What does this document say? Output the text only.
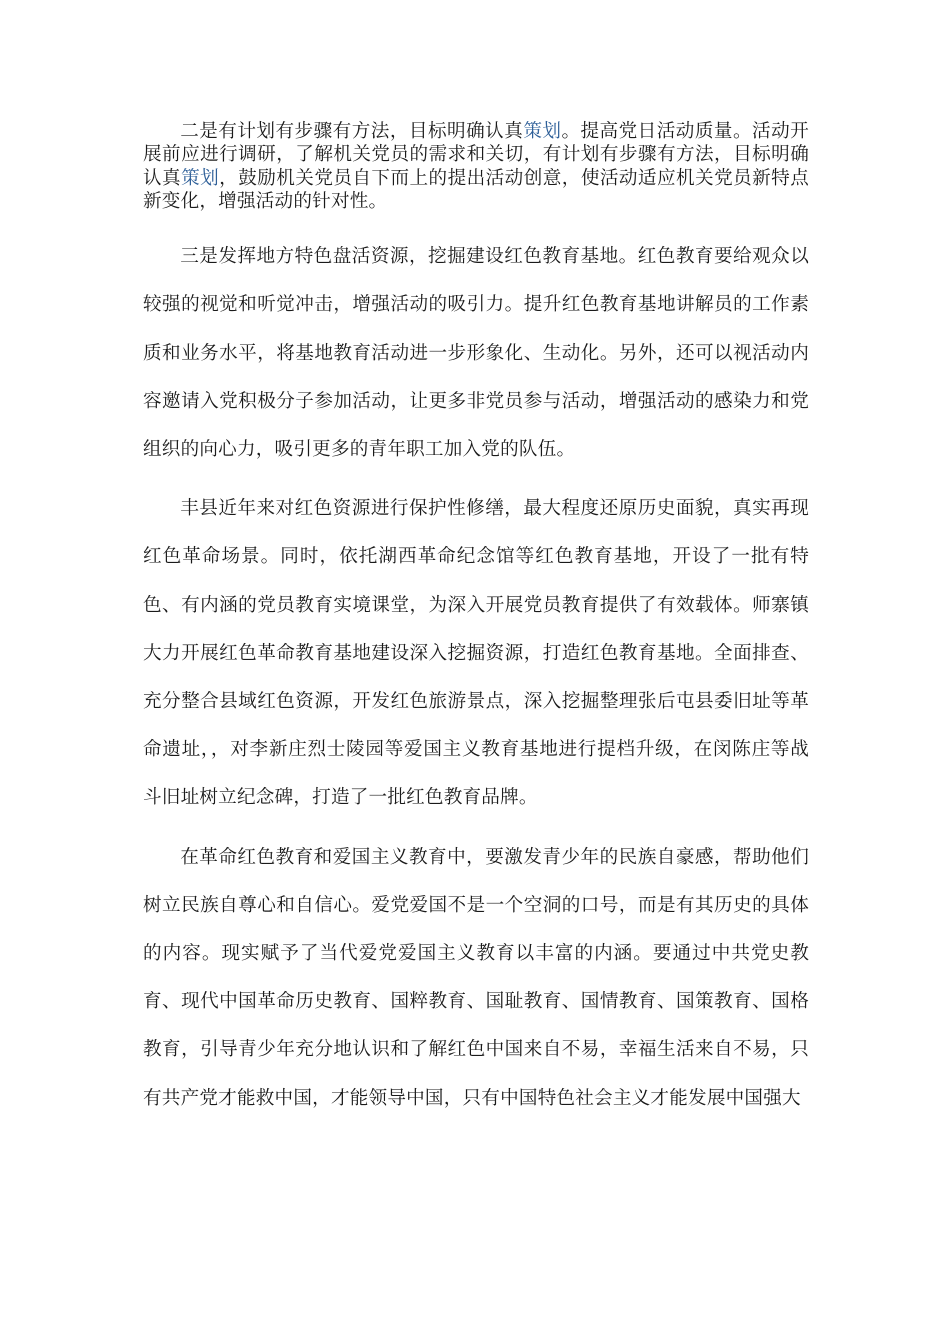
二是有计划有步骤有方法，目标明确认真策划。提高党日活动质量。活动开展前应进行调研，了解机关党员的需求和关切，有计划有步骤有方法，目标明确认真策划，鼓励机关党员自下而上的提出活动创意，使活动适应机关党员新特点新变化，增强活动的针对性。

三是发挥地方特色盘活资源，挖掘建设红色教育基地。红色教育要给观众以较强的视觉和听觉冲击，增强活动的吸引力。提升红色教育基地讲解员的工作素质和业务水平，将基地教育活动进一步形象化、生动化。另外，还可以视活动内容邀请入党积极分子参加活动，让更多非党员参与活动，增强活动的感染力和党组织的向心力，吸引更多的青年职工加入党的队伍。

丰县近年来对红色资源进行保护性修缮，最大程度还原历史面貌，真实再现红色革命场景。同时，依托湖西革命纪念馆等红色教育基地，开设了一批有特色、有内涵的党员教育实境课堂，为深入开展党员教育提供了有效载体。师寨镇大力开展红色革命教育基地建设深入挖掘资源，打造红色教育基地。全面排查、充分整合县域红色资源，开发红色旅游景点，深入挖掘整理张后屯县委旧址等革命遗址，，对李新庄烈士陵园等爱国主义教育基地进行提档升级，在闵陈庄等战斗旧址树立纪念碑，打造了一批红色教育品牌。

在革命红色教育和爱国主义教育中，要激发青少年的民族自豪感，帮助他们树立民族自尊心和自信心。爱党爱国不是一个空洞的口号，而是有其历史的具体的内容。现实赋予了当代爱党爱国主义教育以丰富的内涵。要通过中共党史教育、现代中国革命历史教育、国粹教育、国耻教育、国情教育、国策教育、国格教育，引导青少年充分地认识和了解红色中国来自不易，幸福生活来自不易，只有共产党才能救中国，才能领导中国，只有中国特色社会主义才能发展中国强大
